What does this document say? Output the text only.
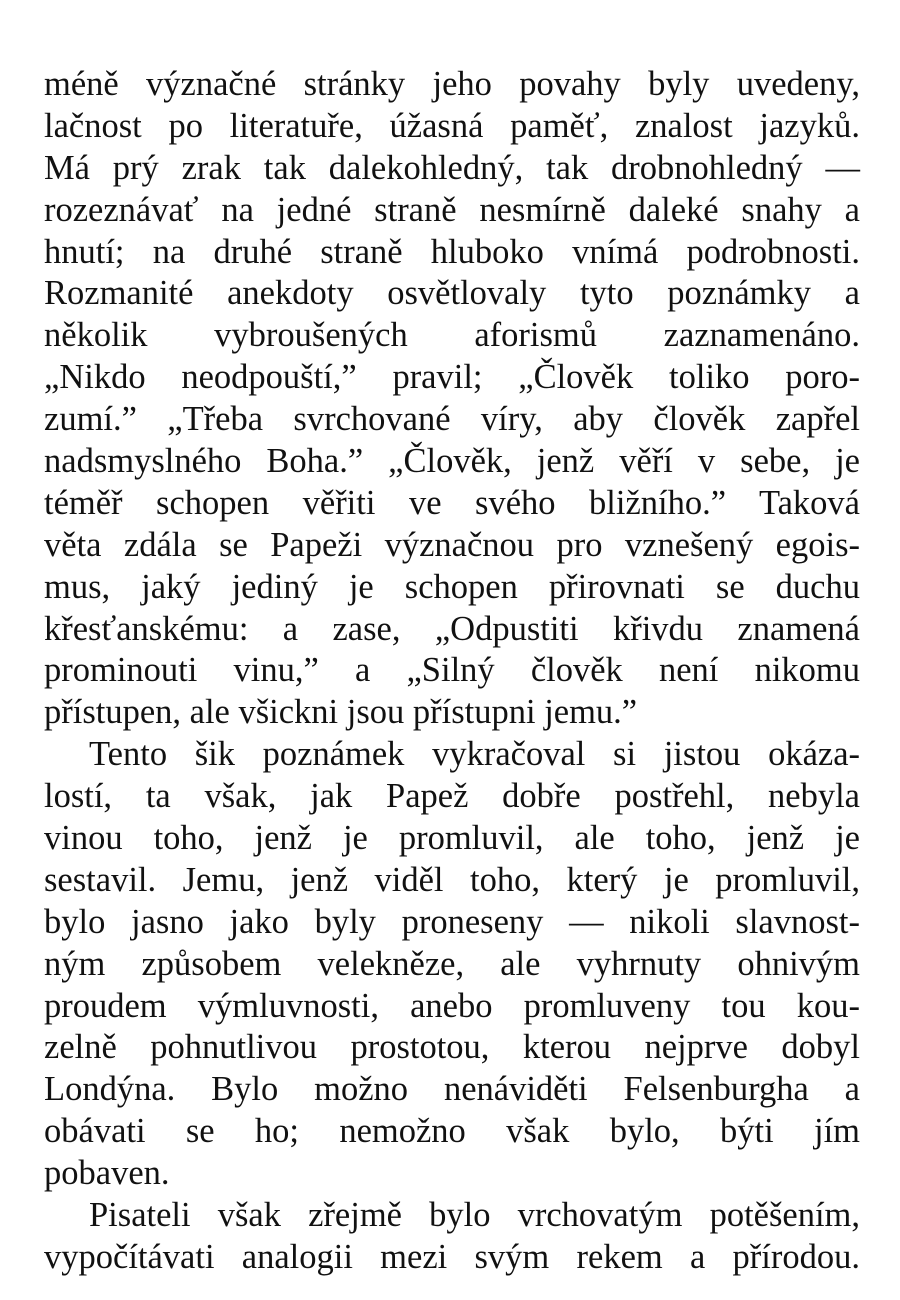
méně význačné stránky jeho povahy byly uvedeny,
lačnost po literatuře, úžasná paměť, znalost jazyků.
Má prý zrak tak dalekohledný, tak drobnohledný —
rozeznávať na jedné straně nesmírně daleké snahy a
hnutí; na druhé straně hluboko vnímá podrobnosti.
Rozmanité anekdoty osvětlovaly tyto poznámky a
několik vybroušených aforismů zaznamenáno.
„Nikdo neodpouští,” pravil; „Člověk toliko poro-
zumí.” „Třeba svrchované víry, aby člověk zapřel
nadsmyslného Boha.” „Člověk, jenž věří v sebe, je
téměř schopen věřiti ve svého bližního.” Taková
věta zdála se Papeži význačnou pro vznešený egois-
mus, jaký jediný je schopen přirovnati se duchu
křesťanskému: a zase, „Odpustiti křivdu znamená
prominouti vinu,” a „Silný člověk není nikomu
přístupen, ale všickni jsou přístupni jemu.”
Tento šik poznámek vykračoval si jistou okáza-
lostí, ta však, jak Papež dobře postřehl, nebyla
vinou toho, jenž je promluvil, ale toho, jenž je
sestavil. Jemu, jenž viděl toho, který je promluvil,
bylo jasno jako byly proneseny — nikoli slavnost-
ným způsobem velekněze, ale vyhrnuty ohnivým
proudem výmluvnosti, anebo promluveny tou kou-
zelně pohnutlivou prostotou, kterou nejprve dobyl
Londýna. Bylo možno nenáviděti Felsenburgha a
obávati se ho; nemožno však bylo, býti jím
pobaven.
Pisateli však zřejmě bylo vrchovatým potěšením,
vypočítávati analogii mezi svým rekem a přírodou.
